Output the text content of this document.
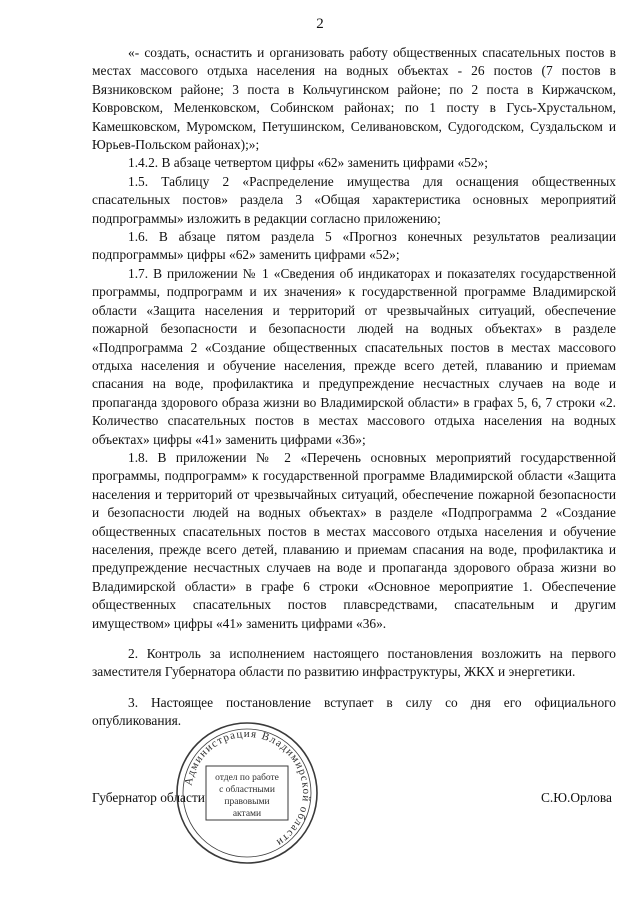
2

«- создать, оснастить и организовать работу общественных спасательных постов в местах массового отдыха населения на водных объектах - 26 постов (7 постов в Вязниковском районе; 3 поста в Кольчугинском районе; по 2 поста в Киржачском, Ковровском, Меленковском, Собинском районах; по 1 посту в Гусь-Хрустальном, Камешковском, Муромском, Петушинском, Селивановском, Судогодском, Суздальском и Юрьев-Польском районах);»;

1.4.2. В абзаце четвертом цифры «62» заменить цифрами «52»;

1.5. Таблицу 2 «Распределение имущества для оснащения общественных спасательных постов» раздела 3 «Общая характеристика основных мероприятий подпрограммы» изложить в редакции согласно приложению;

1.6. В абзаце пятом раздела 5 «Прогноз конечных результатов реализации подпрограммы» цифры «62» заменить цифрами «52»;

1.7. В приложении № 1 «Сведения об индикаторах и показателях государственной программы, подпрограмм и их значения» к государственной программе Владимирской области «Защита населения и территорий от чрезвычайных ситуаций, обеспечение пожарной безопасности и безопасности людей на водных объектах» в разделе «Подпрограмма 2 «Создание общественных спасательных постов в местах массового отдыха населения и обучение населения, прежде всего детей, плаванию и приемам спасания на воде, профилактика и предупреждение несчастных случаев на воде и пропаганда здорового образа жизни во Владимирской области» в графах 5, 6, 7 строки «2. Количество спасательных постов в местах массового отдыха населения на водных объектах» цифры «41» заменить цифрами «36»;

1.8. В приложении № 2 «Перечень основных мероприятий государственной программы, подпрограмм» к государственной программе Владимирской области «Защита населения и территорий от чрезвычайных ситуаций, обеспечение пожарной безопасности и безопасности людей на водных объектах» в разделе «Подпрограмма 2 «Создание общественных спасательных постов в местах массового отдыха населения и обучение населения, прежде всего детей, плаванию и приемам спасания на воде, профилактика и предупреждение несчастных случаев на воде и пропаганда здорового образа жизни во Владимирской области» в графе 6 строки «Основное мероприятие 1. Обеспечение общественных спасательных постов плавсредствами, спасательным и другим имуществом» цифры «41» заменить цифрами «36».

2. Контроль за исполнением настоящего постановления возложить на первого заместителя Губернатора области по развитию инфраструктуры, ЖКХ и энергетики.

3. Настоящее постановление вступает в силу со дня его официального опубликования.

Губернатор области	С.Ю.Орлова
Администрация Владимирской области
отдел по работе
с областными
правовыми
актами
